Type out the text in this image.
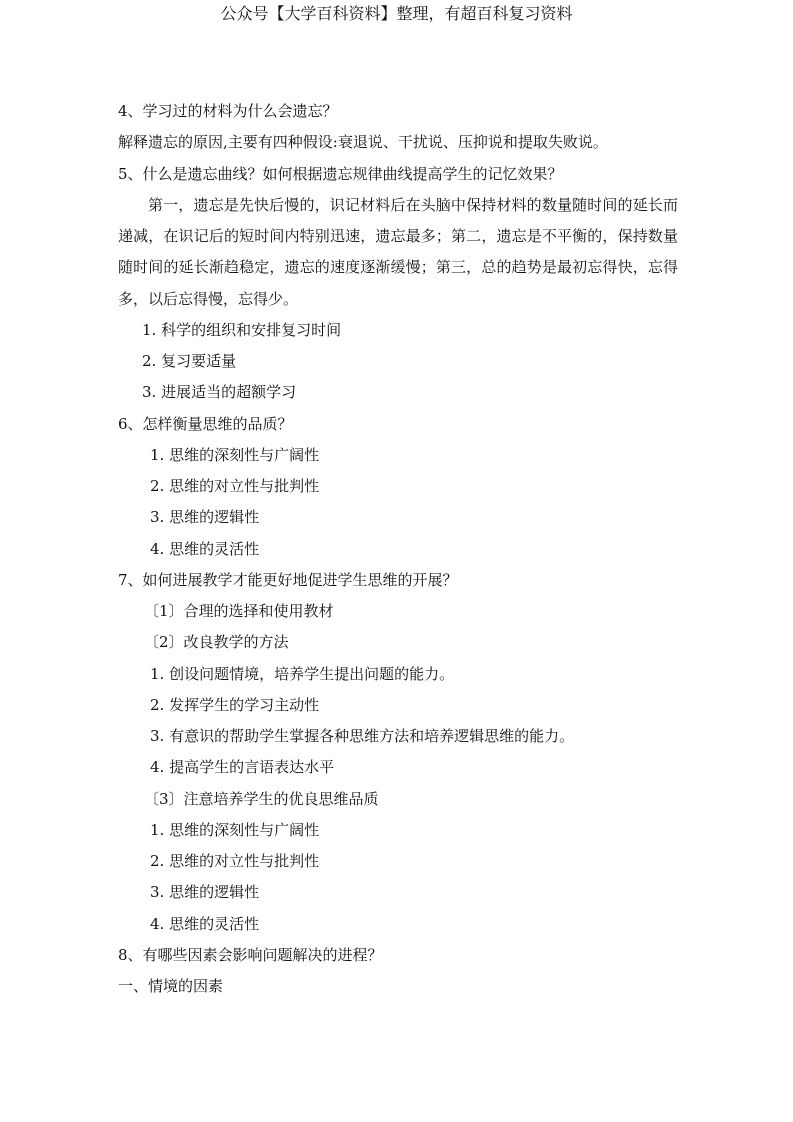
公众号【大学百科资料】整理，有超百科复习资料
4、学习过的材料为什么会遗忘？
解释遗忘的原因,主要有四种假设:衰退说、干扰说、压抑说和提取失败说。
5、什么是遗忘曲线？如何根据遗忘规律曲线提高学生的记忆效果？
第一，遗忘是先快后慢的，识记材料后在头脑中保持材料的数量随时间的延长而递减，在识记后的短时间内特别迅速，遗忘最多；第二，遗忘是不平衡的，保持数量随时间的延长渐趋稳定，遗忘的速度逐渐缓慢；第三，总的趋势是最初忘得快，忘得多，以后忘得慢，忘得少。
1. 科学的组织和安排复习时间
2. 复习要适量
3. 进展适当的超额学习
6、怎样衡量思维的品质？
1. 思维的深刻性与广阔性
2. 思维的对立性与批判性
3. 思维的逻辑性
4. 思维的灵活性
7、如何进展教学才能更好地促进学生思维的开展？
〔1〕合理的选择和使用教材
〔2〕改良教学的方法
1. 创设问题情境，培养学生提出问题的能力。
2. 发挥学生的学习主动性
3. 有意识的帮助学生掌握各种思维方法和培养逻辑思维的能力。
4. 提高学生的言语表达水平
〔3〕注意培养学生的优良思维品质
1. 思维的深刻性与广阔性
2. 思维的对立性与批判性
3. 思维的逻辑性
4. 思维的灵活性
8、有哪些因素会影响问题解决的进程？
一、情境的因素
